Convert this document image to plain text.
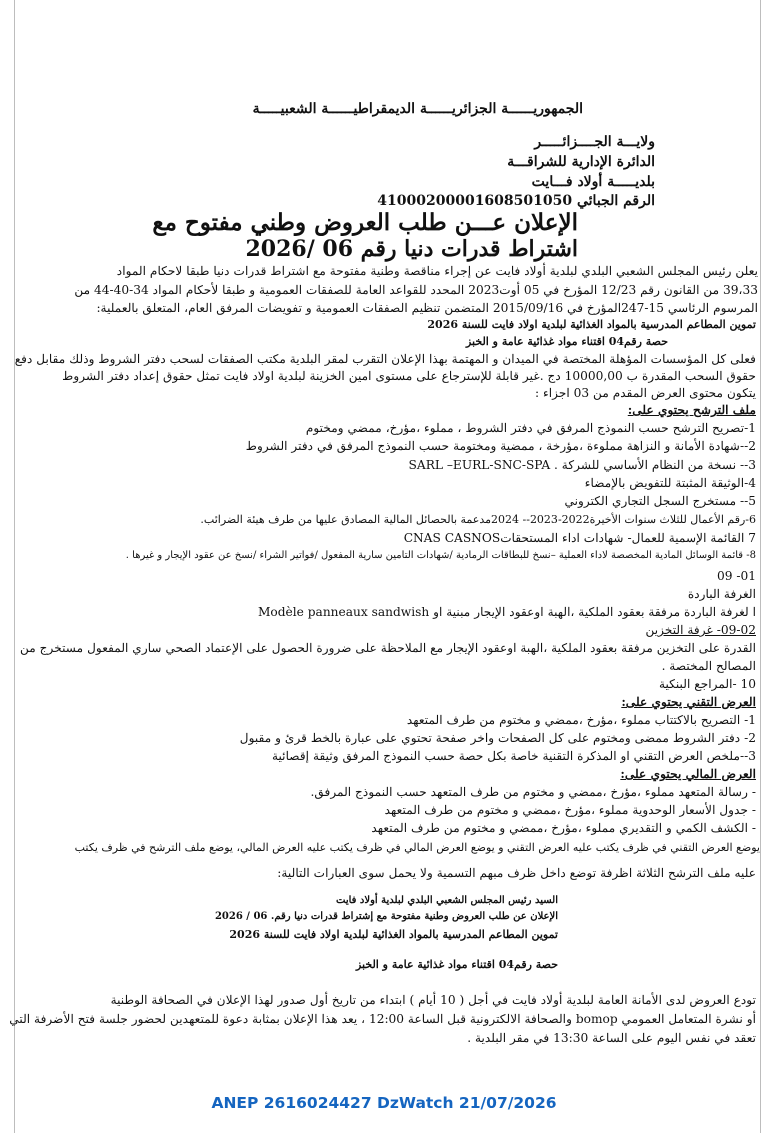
الجمهوريــــــة الجزائريــــــة الديمقراطيــــــة الشعبيـــــة
ولايـــة الجــــزائـــــر
الدائرة الإدارية للشراقـــة
بلديـــــة أولاد فـــايت
الرقم الجبائي 410002000016085010​50
الإعلان عـــن طلب العروض وطني مفتوح مع
اشتراط قدرات دنيا رقم 06 /2026
يعلن رئيس المجلس الشعبي البلدي لبلدية أولاد فايت عن إجراء مناقصة وطنية مفتوحة مع اشتراط قدرات دنيا طبقا لاحكام المواد
39،33 من القانون رقم 12/23 المؤرخ في 05 أوت2023 المحدد للقواعد العامة للصفقات العمومية و طبقا لأحكام المواد 34-40-44 من
المرسوم الرئاسي 15-247المؤرخ في 2015/09/16 المتضمن تنظيم الصفقات العمومية و تفويضات المرفق العام، المتعلق بالعملية:
تموين المطاعم المدرسية بالمواد الغذائية لبلدية اولاد فايت للسنة 2026
حصة رقم04 اقتناء مواد غذائية عامة و الخبز
فعلى كل المؤسسات المؤهلة المختصة في الميدان و المهتمة بهذا الإعلان التقرب لمقر البلدية مكتب الصفقات لسحب دفتر الشروط وذلك مقابل دفع
حقوق السحب المقدرة ب 10000,00 دج .غير قابلة للإسترجاع على مستوى امين الخزينة لبلدية اولاد فايت تمثل حقوق إعداد دفتر الشروط
يتكون محتوى العرض المقدم من 03 اجزاء :
ملف الترشح يحتوي على:
1-تصريح الترشح حسب النموذج المرفق في دفتر الشروط ، مملوء ،مؤرخ، ممضي ومختوم
2--شهادة الأمانة و النزاهة مملوءة ،مؤرخة ، ممضية ومختومة حسب النموذج المرفق في دفتر الشروط
3-- نسخة من النظام الأساسي للشركة . SARL –EURL-SNC-SPA
4-الوثيقة المثبتة للتفويض بالإمضاء
5-- مستخرج السجل التجاري الكتروني
6-رقم الأعمال للثلاث سنوات الأخيرة2022-2023-- 2024مدعمة بالحصائل المالية المصادق عليها من طرف هيئة الضرائب.
7 القائمة الإسمية للعمال- شهادات اداء المستحقاتCNAS CASNOS
8- قائمة الوسائل المادية المخصصة لاداء العملية –نسخ للبطاقات الرمادية /شهادات التامين سارية المفعول /فواتير الشراء /نسخ عن عقود الإيجار و غيرها .
09 -01
الغرفة الباردة
ا لغرفة الباردة مرفقة بعقود الملكية ،الهبة اوعقود الإيجار مبنية او Modèle panneaux sandwish
09-02- غرفة التخزين
القدرة على التخزين مرفقة بعقود الملكية ،الهبة اوعقود الإيجار مع الملاحظة على ضرورة الحصول على الإعتماد الصحي ساري المفعول مستخرج من
المصالح المختصة .
10 -المراجع البنكية
العرض التقني يحتوي على:
1- التصريح بالاكتتاب مملوء ،مؤرخ ،ممضي و مختوم من طرف المتعهد
2- دفتر الشروط ممضى ومختوم على كل الصفحات واخر صفحة تحتوي على عبارة بالخط قرئ و مقبول
3--ملخص العرض التقني او المذكرة التقنية خاصة بكل حصة حسب النموذج المرفق وثيقة إقصائية
العرض المالي يحتوي على:
- رسالة المتعهد مملوء ،مؤرخ ،ممضي و مختوم من طرف المتعهد حسب النموذج المرفق.
- جدول الأسعار الوحدوية مملوء ،مؤرخ ،ممضي و مختوم من طرف المتعهد
- الكشف الكمي و التقديري مملوء ،مؤرخ ،ممضي و مختوم من طرف المتعهد
يوضع العرض التقني في ظرف يكتب عليه العرض التقني و يوضع العرض المالي في ظرف يكتب عليه العرض المالي، يوضع ملف الترشح في ظرف يكتب
عليه ملف الترشح الثلاثة اظرفة توضع داخل ظرف مبهم التسمية ولا يحمل سوى العبارات التالية:
السيد رئيس المجلس الشعبي البلدي لبلدية أولاد فايت
الإعلان عن طلب العروض وطنية مفتوحة مع إشتراط قدرات دنيا رقم. 06 / 2026
تموين المطاعم المدرسية بالمواد الغذائية لبلدية اولاد فايت للسنة 2026
حصة رقم04 اقتناء مواد غذائية عامة و الخبز
تودع العروض لدى الأمانة العامة لبلدية أولاد فايت في أجل ( 10 أيام ) ابتداء من تاريخ أول صدور لهذا الإعلان في الصحافة الوطنية
أو نشرة المتعامل العمومي bomop والصحافة الالكترونية قبل الساعة 12:00 ، يعد هذا الإعلان بمثابة دعوة للمتعهدين لحضور جلسة فتح الأضرفة التي
تعقد في نفس اليوم على الساعة 13:30 في مقر البلدية .
ANEP 2616024427 DzWatch 21/07/2026
